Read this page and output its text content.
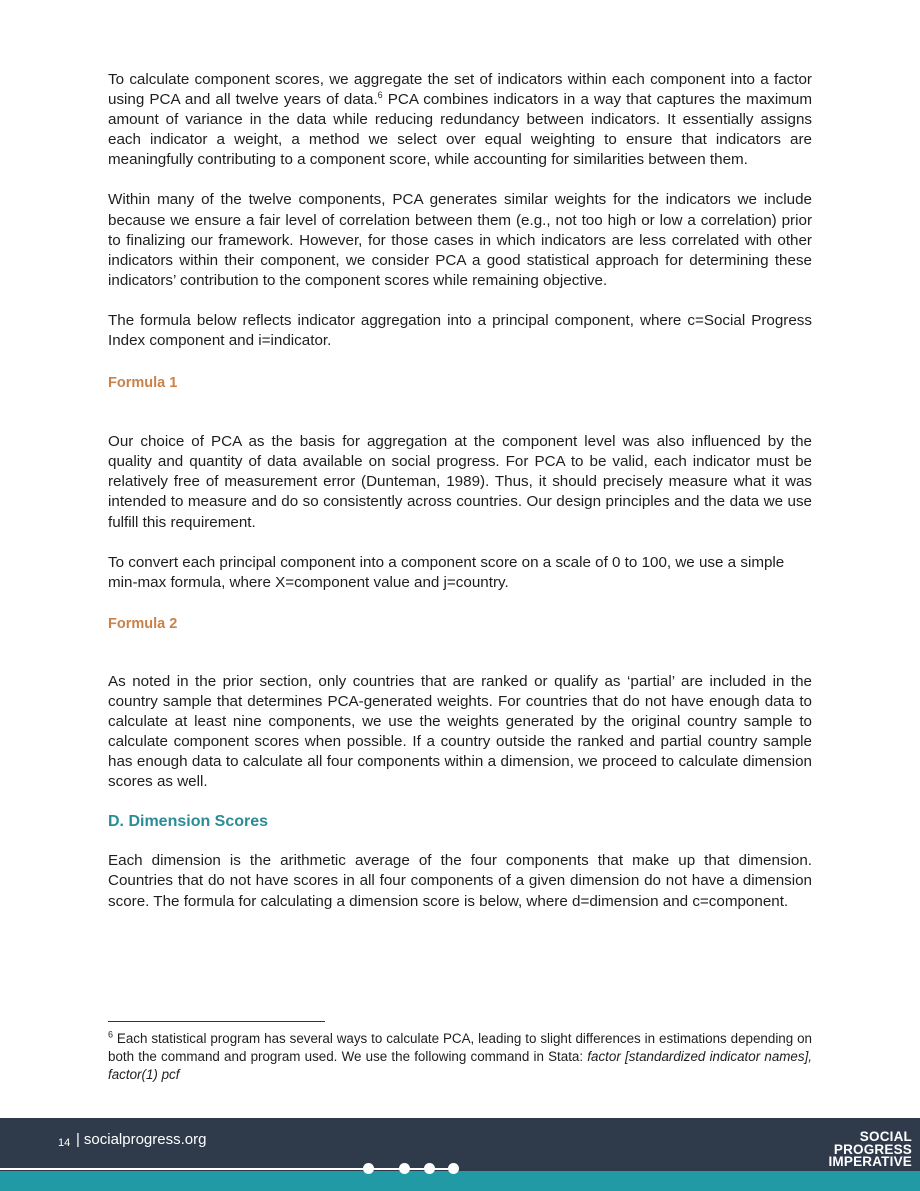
To calculate component scores, we aggregate the set of indicators within each component into a factor using PCA and all twelve years of data.$^6$ PCA combines indicators in a way that captures the maximum amount of variance in the data while reducing redundancy between indicators. It essentially assigns each indicator a weight, a method we select over equal weighting to ensure that indicators are meaningfully contributing to a component score, while accounting for similarities between them.

Within many of the twelve components, PCA generates similar weights for the indicators we include because we ensure a fair level of correlation between them (e.g., not too high or low a correlation) prior to finalizing our framework. However, for those cases in which indicators are less correlated with other indicators within their component, we consider PCA a good statistical approach for determining these indicators’ contribution to the component scores while remaining objective.

The formula below reflects indicator aggregation into a principal component, where c=Social Progress Index component and i=indicator.

Formula 1

Our choice of PCA as the basis for aggregation at the component level was also influenced by the quality and quantity of data available on social progress. For PCA to be valid, each indicator must be relatively free of measurement error (Dunteman, 1989). Thus, it should precisely measure what it was intended to measure and do so consistently across countries. Our design principles and the data we use fulfill this requirement.

To convert each principal component into a component score on a scale of 0 to 100, we use a simple min-max formula, where X=component value and j=country.

Formula 2

As noted in the prior section, only countries that are ranked or qualify as ‘partial’ are included in the country sample that determines PCA-generated weights. For countries that do not have enough data to calculate at least nine components, we use the weights generated by the original country sample to calculate component scores when possible. If a country outside the ranked and partial country sample has enough data to calculate all four components within a dimension, we proceed to calculate dimension scores as well.

D. Dimension Scores

Each dimension is the arithmetic average of the four components that make up that dimension. Countries that do not have scores in all four components of a given dimension do not have a dimension score. The formula for calculating a dimension score is below, where d=dimension and c=component.

$^6$ Each statistical program has several ways to calculate PCA, leading to slight differences in estimations depending on both the command and program used. We use the following command in Stata: factor [standardized indicator names], factor(1) pcf
14 | socialprogress.org	SOCIAL
PROGRESS
IMPERATIVE
